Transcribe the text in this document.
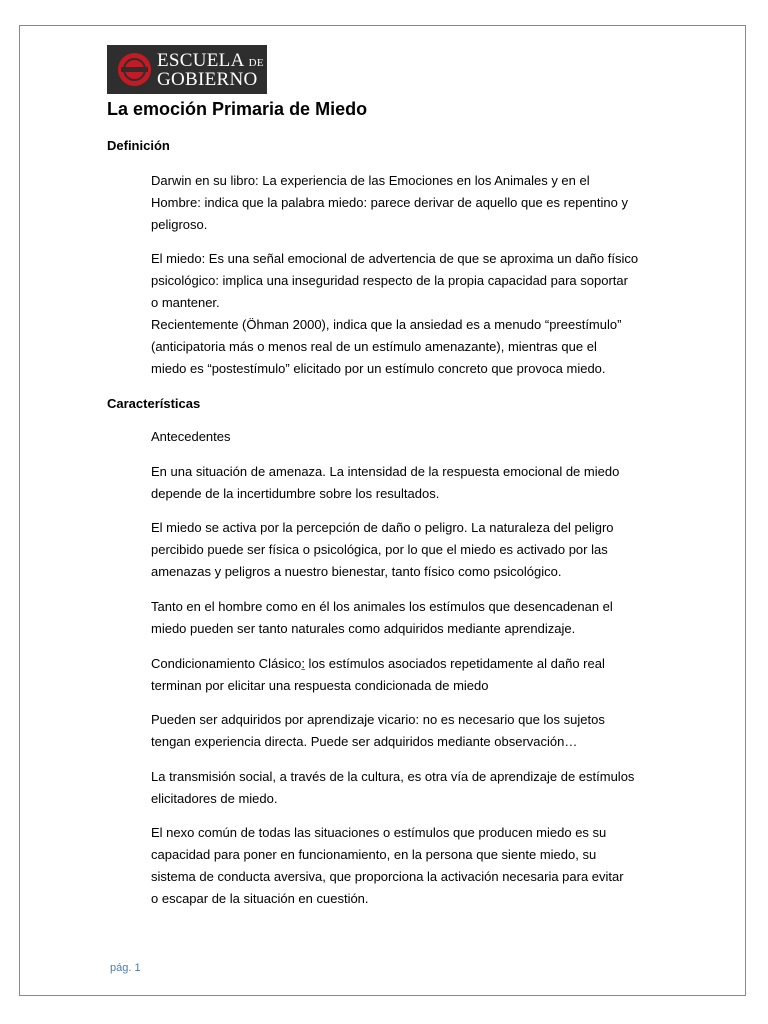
ESCUELA DE
GOBIERNO
La emoción Primaria de Miedo
Definición
Darwin en su libro: La experiencia de las Emociones en los Animales y en el
Hombre: indica que la palabra miedo: parece derivar de aquello que es repentino y
peligroso.
El miedo: Es una señal emocional de advertencia de que se aproxima un daño físico
psicológico: implica una inseguridad respecto de la propia capacidad para soportar
o mantener.
Recientemente (Öhman 2000), indica que la ansiedad es a menudo “preestímulo”
(anticipatoria más o menos real de un estímulo amenazante), mientras que el
miedo es “postestímulo” elicitado por un estímulo concreto que provoca miedo.
Características
Antecedentes
En una situación de amenaza. La intensidad de la respuesta emocional de miedo
depende de la incertidumbre sobre los resultados.
El miedo se activa por la percepción de daño o peligro. La naturaleza del peligro
percibido puede ser física o psicológica, por lo que el miedo es activado por las
amenazas y peligros a nuestro bienestar, tanto físico como psicológico.
Tanto en el hombre como en él los animales los estímulos que desencadenan el
miedo pueden ser tanto naturales como adquiridos mediante aprendizaje.
Condicionamiento Clásico: los estímulos asociados repetidamente al daño real
terminan por elicitar una respuesta condicionada de miedo
Pueden ser adquiridos por aprendizaje vicario: no es necesario que los sujetos
tengan experiencia directa. Puede ser adquiridos mediante observación…
La transmisión social, a través de la cultura, es otra vía de aprendizaje de estímulos
elicitadores de miedo.
El nexo común de todas las situaciones o estímulos que producen miedo es su
capacidad para poner en funcionamiento, en la persona que siente miedo, su
sistema de conducta aversiva, que proporciona la activación necesaria para evitar
o escapar de la situación en cuestión.
pág. 1
